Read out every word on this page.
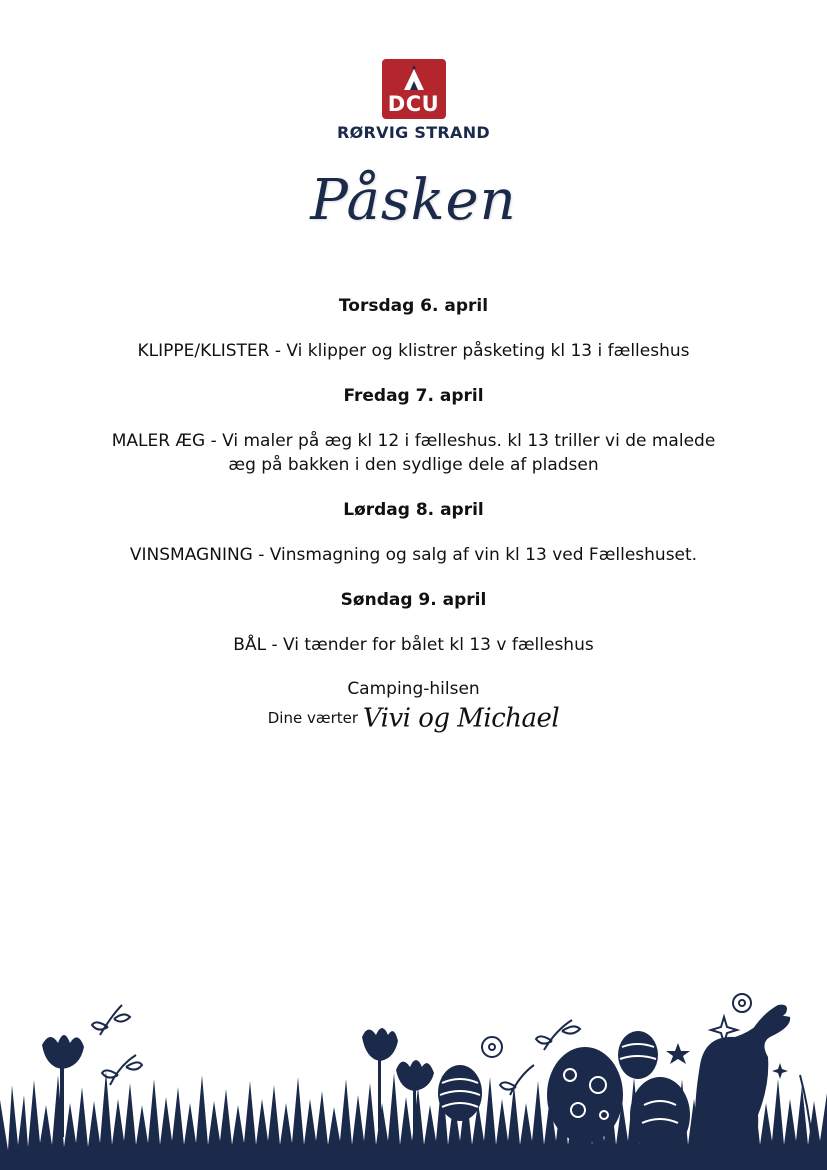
DCU
RØRVIG STRAND
Påsken
Torsdag 6. april
KLIPPE/KLISTER - Vi klipper og klistrer påsketing kl 13 i fælleshus
Fredag 7. april
MALER ÆG - Vi maler på æg kl 12 i fælleshus. kl 13 triller vi de malede
æg på bakken i den sydlige dele af pladsen
Lørdag 8. april
VINSMAGNING - Vinsmagning og salg af vin kl 13 ved Fælleshuset.
Søndag 9. april
BÅL - Vi tænder for bålet kl 13 v fælleshus
Camping-hilsen
Dine værter Vivi og Michael
